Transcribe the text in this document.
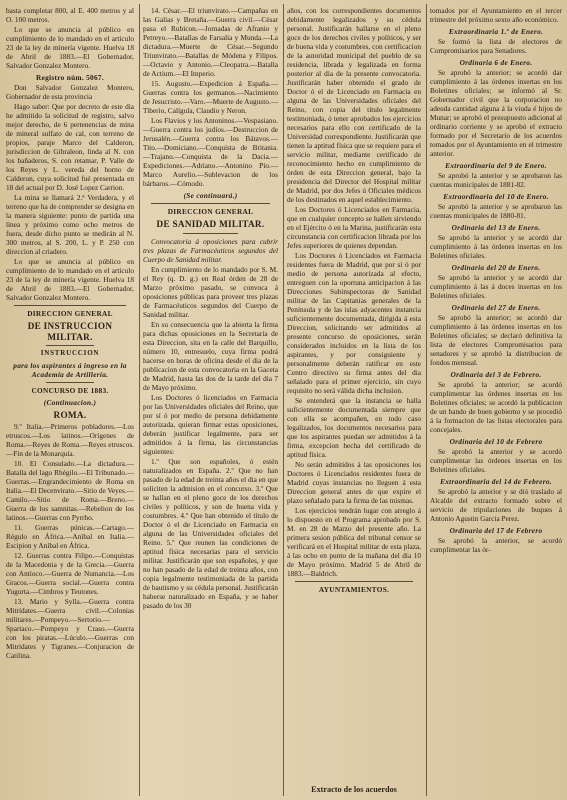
basta completar 800, al E. 400 metros y al O. 100 metros.

Lo que se anuncia al público en cumplimiento de lo mandado en el artículo 23 de la ley de minería vigente. Huelva 18 de Abril de 1883.—El Gobernador, Salvador Gonzalez Montero.

Registro núm. 5067.

Don Salvador Gonzalez Montero, Gobernador de esta provincia

Hago saber: Que por decreto de este dia he admitido la solicitud de registro, salvo mejor derecho, de 6 pertenencias de mina de mineral sulfato de cal, con terreno de propios, paraje Marco del Calderon, jurisdiccion de Gibraleon, linda al N. con los bañaderos, S. con retamar, P. Valle de los Reyes y L. vereda del horno de Calderon, cuya solicitud fué presentada en 18 del actual por D. José Lopez Carrion.

La mina se llamará 2.ª Verdadera, y el terreno que ha de comprender se designa en la manera siguiente: punto de partida una línea y próximo como ocho metros de fuera, desde dicho punto se medirán al N. 300 metros, al S. 200, L. y P. 250 con direccion al criadero.

Lo que se anuncia al público en cumplimiento de lo mandado en el artículo 23 de la ley de minería vigente. Huelva 18 de Abril de 1883.—El Gobernador, Salvador Gonzalez Montero.

DIRECCION GENERAL

DE INSTRUCCION MILITAR.

INSTRUCCION

para los aspirantes á ingreso en la Academia de Artillería.

CONCURSO DE 1883.

(Continuacion.)

ROMA.

9.º Italia.—Primeros pobladores.—Los etruscos.—Los latinos.—Orígenes de Roma.—Reyes de Roma.—Reyes etruscos.—Fin de la Monarquía.

10. El Consulado.—La dictadura.—Batalla del lago Rhégilo.—El Tribunado.—Guerras.—Engrandecimiento de Roma en Italia.—El Decenvirato.—Sitio de Veyes.—Camilo.—Sitio de Roma.—Breno.—Guerra de los samnitas.—Rebelion de los latinos.—Guerras con Pyrrho.

11. Guerras púnicas.—Cartago.—Régulo en África.—Aníbal en Italia.—Escipion y Aníbal en África.

12. Guerras contra Filipo.—Conquistas de la Macedonia y de la Grecia.—Guerra con Antíoco.—Guerra de Numancia.—Los Gracos.—Guerra social.—Guerra contra Yugurta.—Cimbros y Teutones.

13. Mario y Sylla.—Guerra contra Mitrídates.—Guerra civil.—Colonias militares.—Pompeyo.—Sertorio.—Spartaco.—Pompeyo y Craso.—Guerra con los piratas.—Lúculo.—Guerras con Mitrídates y Tigranes.—Conjuracion de Catilina.

14. César.—El triunvirato.—Campañas en las Galias y Bretaña.—Guerra civil.—César pasa el Rubicon.—Jornadas de Afranio y Petreyo.—Batallas de Farsalia y Munda.—La dictadura.—Muerte de César.—Segundo Triunvirato.—Batallas de Módena y Filipos.—Octavio y Antonio.—Cleopatra.—Batalla de Actium.—El Imperio.

15. Augusto.—Expedicion á España.—Guerras contra los germanos.—Nacimiento de Jesucristo.—Varo.—Muerte de Augusto.—Tiberio, Calígula, Claudio y Neron.

Los Flavios y los Antoninos.—Vespasiano.—Guerra contra los judíos.—Destruccion de Jerusalén.—Guerra contra los Bátavos.—Tito.—Domiciano.—Conquista de Britania.—Trajano.—Conquista de la Dacia.—Expediciones.—Adriano.—Antonino Pío.—Marco Aurelio.—Sublevacion de los bárbaros.—Cómodo.

(Se continuará.)

DIRECCION GENERAL

DE SANIDAD MILITAR.

Convocatoria á oposiciones para cubrir tres plazas de Farmacéuticos segundos del Cuerpo de Sanidad militar.

En cumplimiento de lo mandado por S. M. el Rey (q. D. g.) en Real órden de 28 de Marzo próximo pasado, se convoca á oposiciones públicas para proveer tres plazas de Farmacéuticos segundos del Cuerpo de Sanidad militar.

En su consecuencia que la abierta la firma para dichas oposiciones en la Secretaría de esta Direccion, sita en la calle del Barquillo, número 10, entresuelo, cuya firma podrá hacerse en horas de oficina desde el dia de la publicacion de esta convocatoria en la Gaceta de Madrid, hasta las dos de la tarde del dia 7 de Mayo próximo.

Los Doctores ó licenciados en Farmacia por las Universidades oficiales del Reino, que por sí ó por medio de persona debidamente autorizada, quieran firmar estas oposiciones, deberán justificar legalmente, para ser admitidos á la firma, las circunstancias siguientes:

1.º Que son españoles, ó estén naturalizados en España. 2.º Que no han pasado de la edad de treinta años el dia en que soliciten la admision en el concurso. 3.º Que se hallan en el pleno goce de los derechos civiles y políticos, y son de buena vida y costumbres. 4.º Que han obtenido el título de Doctor ó el de Licenciado en Farmacia en alguna de las Universidades oficiales del Reino. 5.º Que reunen las condiciones de aptitud física necesarias para el servicio militar. Justificarán que son españoles, y que no han pasado de la edad de treinta años, con copia legalmente testimoniada de la partida de bautismo y su cédula personal. Justificarán haberse naturalizado en España, y se haber pasado de los 30

años, con los correspondientes documentos debidamente legalizados y su cédula personal. Justificarán hallarse en el pleno goce de los derechos civiles y políticos, y ser de buena vida y costumbres, con certificacion de la autoridad municipal del pueblo de su residencia, librada y legalizada en forma posterior al dia de la presente convocatoria. Justificarán haber obtenido el grado de Doctor ó el de Licenciado en Farmacia en alguna de las Universidades oficiales del Reino, con copia del título legalmente testimoniada, ó tener aprobados los ejercicios necesarios para ello con certificado de la Universidad correspondiente. Justificarán que tienen la aptitud física que se requiere para el servicio militar, mediante certificado de reconocimiento hecho en cumplimiento de órden de esta Direccion general, bajo la presidencia del Director del Hospital militar de Madrid, por dos Jefes ú Oficiales médicos de los destinados en aquel establecimiento.

Los Doctores ó Licenciados en Farmacia, que en cualquier concepto se hallen sirviendo en el Ejército ó en la Marina, justificarán esta circunstancia con certificacion librada por los Jefes superiores de quienes dependan.

Los Doctores ó Licenciados en Farmacia residentes fuera de Madrid, que por sí ó por medio de persona autorizada al efecto, entreguen con la oportuna anticipacion á las Direcciones Subinspectoras de Sanidad militar de las Capitanías generales de la Península y de las islas adyacentes instancia suficientemente documentada, dirigida á esta Direccion, solicitando ser admitidos al presente concurso de oposiciones, serán considerados incluidos en la lista de los aspirantes, y por consiguiente y personalmente deberán ratificar en este Centro directivo su firma antes del dia señalado para el primer ejercicio, sin cuyo requisito no será válida dicha inclusion.

Se entenderá que la instancia se halla suficientemente documentada siempre que con ella se acompañen, en todo caso legalizados, los documentos necesarios para que los aspirantes puedan ser admitidos á la firma, excepcion hecha del certificado de aptitud física.

No serán admitidos á las oposiciones los Doctores ó Licenciados residentes fuera de Madrid cuyas instancias no lleguen á esta Direccion general antes de que expire el plazo señalado para la firma de las mismas.

Los ejercicios tendrán lugar con arreglo á lo dispuesto en el Programa aprobado por S. M. en 28 de Marzo del presente año. La primera sesion pública del tribunal censor se verificará en el Hospital militar de esta plaza, á las ocho en punto de la mañana del dia 10 de Mayo próximo. Madrid 5 de Abril de 1883.—Baldrich.

AYUNTAMIENTOS.

Extracto de los acuerdos

tomados por el Ayuntamiento en el tercer trimestre del próximo sexto año económico.

Extraordinaria 1.º de Enero.

Se formó la lista de electores de Compromisarios para Senadores.

Ordinaria 6 de Enero.

Se aprobó la anterior; se acordó dar cumplimiento á las órdenes insertas en los Boletines oficiales; se informó al Sr. Gobernador civil que la corporacion no adeuda cantidad alguna á la viuda é hijos de Munar; se aprobó el presupuesto adicional al ordinario corriente y se aprobó el extracto formado por el Secretario de los acuerdos tomados por el Ayuntamiento en el trimestre anterior.

Extraordinaria del 9 de Enero.

Se aprobó la anterior y se aprobaron las cuentas municipales de 1881-82.

Extraordinaria del 10 de Enero.

Se aprobó la anterior y se aprobaron las cuentas municipales de 1880-81.

Ordinaria del 13 de Enero.

Se aprobó la anterior y se acordó dar cumplimiento á las órdenes insertas en los Boletines oficiales.

Ordinaria del 20 de Enero.

Se aprobó la anterior y se acordó dar cumplimiento á las á doces insertas en los Boletines oficiales.

Ordinaria del 27 de Enero.

Se aprobó la anterior; se acordó dar cumplimiento á las órdenes insertas en los Boletines oficiales; se declaró definitiva la lista de electores Compromisarios para senadores y se aprobó la distribucion de fondos mensual.

Ordinaria del 3 de Febrero.

Se aprobó la anterior; se acordó cumplimentar las órdenes insertas en los Boletines oficiales; se acordó la publicacion de un bando de buen gobierno y se procedió á la formacion de las listas electorales para concejales.

Ordinaria del 10 de Febrero

Se aprobó la anterior y se acordó cumplimentar las órdenes insertas en los Boletines oficiales.

Extraordinaria del 14 de Febrero.

Se aprobó la anterior y se dió traslado al Alcalde del extracto formado sobre el servicio de tripulaciones de buques á Antonio Agustin Garcia Perez.

Ordinaria del 17 de Febrero

Se aprobó la anterior, se acordó cumplimentar las ór-
